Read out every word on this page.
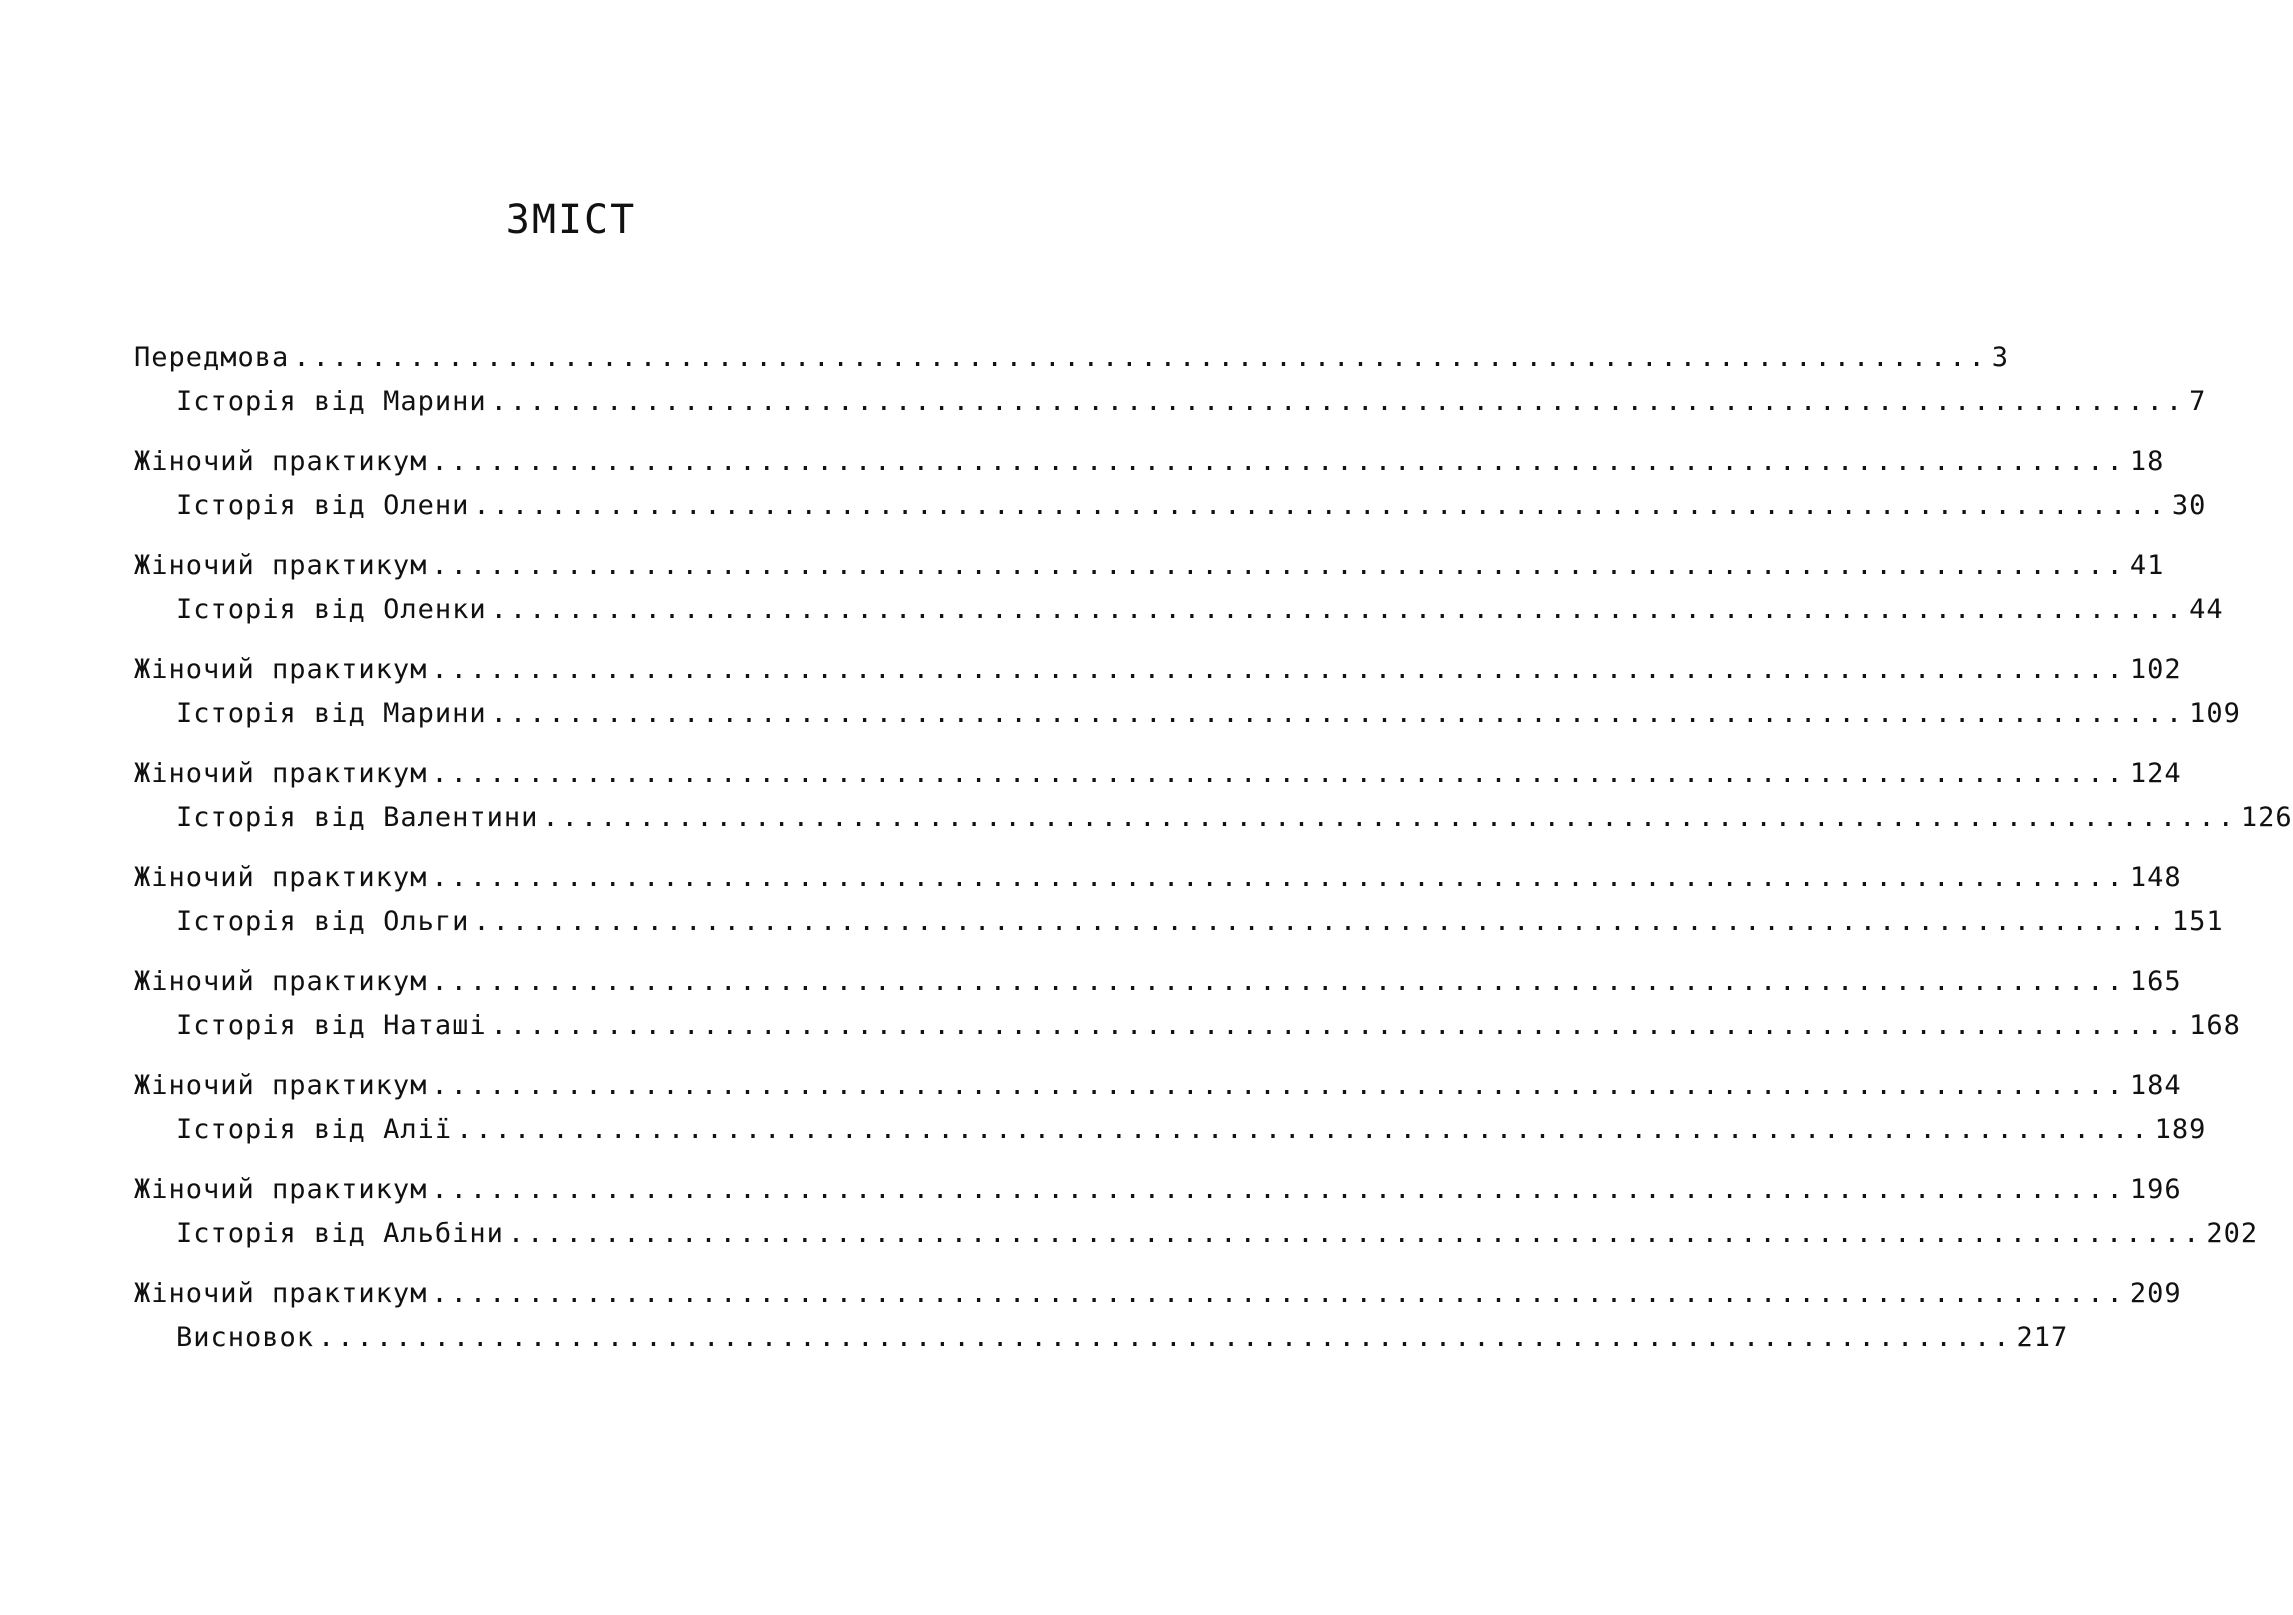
ЗМІСТ
Передмова ........................................................................................ 3
Історія від Марини ........................................................................................ 7
Жіночий практикум ........................................................................................ 18
Історія від Олени ........................................................................................ 30
Жіночий практикум ........................................................................................ 41
Історія від Оленки ........................................................................................ 44
Жіночий практикум ........................................................................................ 102
Історія від Марини ........................................................................................ 109
Жіночий практикум ........................................................................................ 124
Історія від Валентини ........................................................................................ 126
Жіночий практикум ........................................................................................ 148
Історія від Ольги ........................................................................................ 151
Жіночий практикум ........................................................................................ 165
Історія від Наташі ........................................................................................ 168
Жіночий практикум ........................................................................................ 184
Історія від Алії ........................................................................................ 189
Жіночий практикум ........................................................................................ 196
Історія від Альбіни ........................................................................................ 202
Жіночий практикум ........................................................................................ 209
Висновок ........................................................................................ 217
